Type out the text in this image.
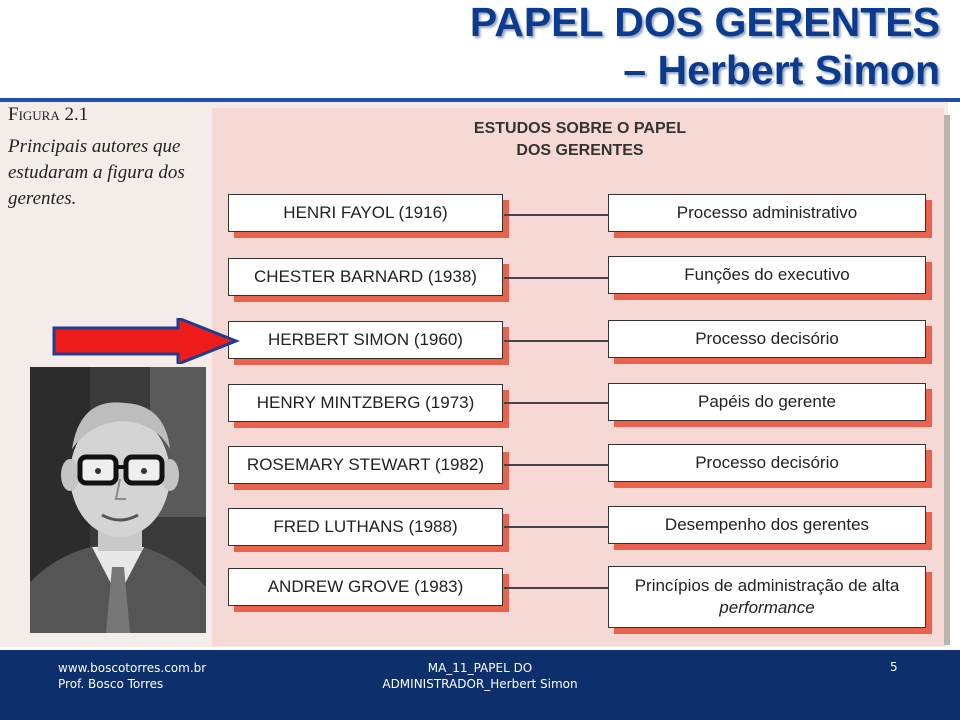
PAPEL DOS GERENTES
– Herbert Simon
Figura 2.1
Principais autores que estudaram a figura dos gerentes.
ESTUDOS SOBRE O PAPEL
DOS GERENTES
HENRI FAYOL (1916)	Processo administrativo
CHESTER BARNARD (1938)	Funções do executivo
HERBERT SIMON (1960)	Processo decisório
HENRY MINTZBERG (1973)	Papéis do gerente
ROSEMARY STEWART (1982)	Processo decisório
FRED LUTHANS (1988)	Desempenho dos gerentes
ANDREW GROVE (1983)	Princípios de administração de alta
performance
www.boscotorres.com.br
Prof. Bosco Torres
MA_11_PAPEL DO
ADMINISTRADOR_Herbert Simon
5
